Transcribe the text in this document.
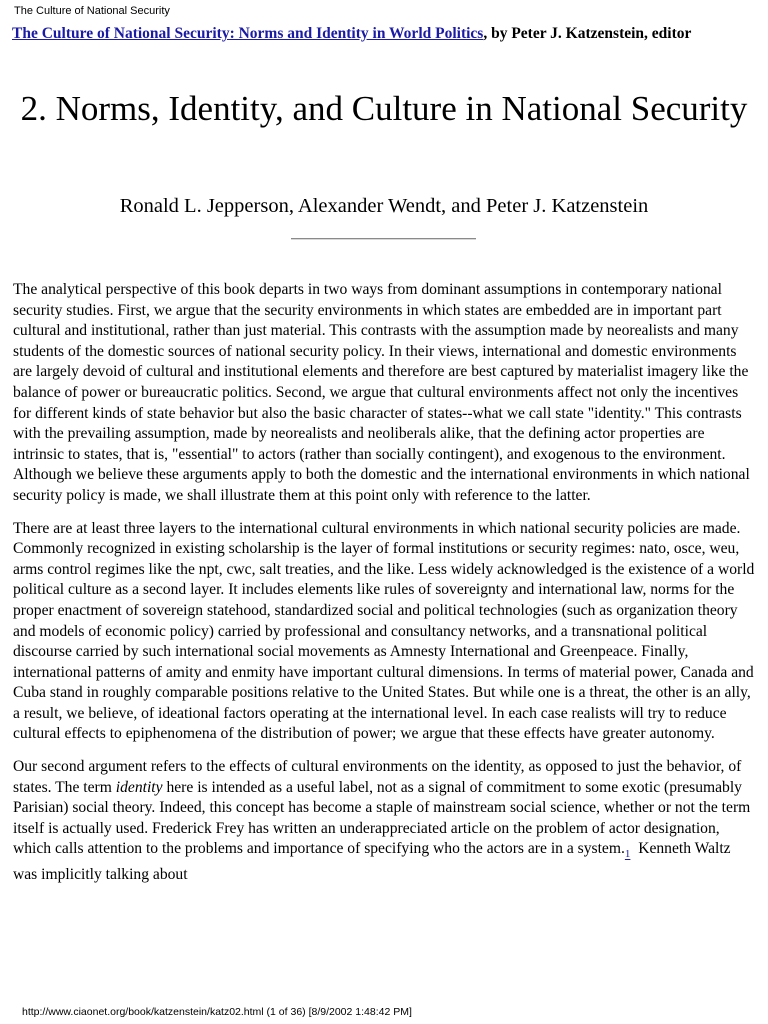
The Culture of National Security
The Culture of National Security: Norms and Identity in World Politics, by Peter J. Katzenstein, editor
2. Norms, Identity, and Culture in National Security
Ronald L. Jepperson, Alexander Wendt, and Peter J. Katzenstein

The analytical perspective of this book departs in two ways from dominant assumptions in contemporary national security studies. First, we argue that the security environments in which states are embedded are in important part cultural and institutional, rather than just material. This contrasts with the assumption made by neorealists and many students of the domestic sources of national security policy. In their views, international and domestic environments are largely devoid of cultural and institutional elements and therefore are best captured by materialist imagery like the balance of power or bureaucratic politics. Second, we argue that cultural environments affect not only the incentives for different kinds of state behavior but also the basic character of states--what we call state "identity." This contrasts with the prevailing assumption, made by neorealists and neoliberals alike, that the defining actor properties are intrinsic to states, that is, "essential" to actors (rather than socially contingent), and exogenous to the environment. Although we believe these arguments apply to both the domestic and the international environments in which national security policy is made, we shall illustrate them at this point only with reference to the latter.

There are at least three layers to the international cultural environments in which national security policies are made. Commonly recognized in existing scholarship is the layer of formal institutions or security regimes: nato, osce, weu, arms control regimes like the npt, cwc, salt treaties, and the like. Less widely acknowledged is the existence of a world political culture as a second layer. It includes elements like rules of sovereignty and international law, norms for the proper enactment of sovereign statehood, standardized social and political technologies (such as organization theory and models of economic policy) carried by professional and consultancy networks, and a transnational political discourse carried by such international social movements as Amnesty International and Greenpeace. Finally, international patterns of amity and enmity have important cultural dimensions. In terms of material power, Canada and Cuba stand in roughly comparable positions relative to the United States. But while one is a threat, the other is an ally, a result, we believe, of ideational factors operating at the international level. In each case realists will try to reduce cultural effects to epiphenomena of the distribution of power; we argue that these effects have greater autonomy.

Our second argument refers to the effects of cultural environments on the identity, as opposed to just the behavior, of states. The term identity here is intended as a useful label, not as a signal of commitment to some exotic (presumably Parisian) social theory. Indeed, this concept has become a staple of mainstream social science, whether or not the term itself is actually used. Frederick Frey has written an underappreciated article on the problem of actor designation, which calls attention to the problems and importance of specifying who the actors are in a $system._1$  Kenneth Waltz was implicitly talking about

http://www.ciaonet.org/book/katzenstein/katz02.html (1 of 36) [8/9/2002 1:48:42 PM]
